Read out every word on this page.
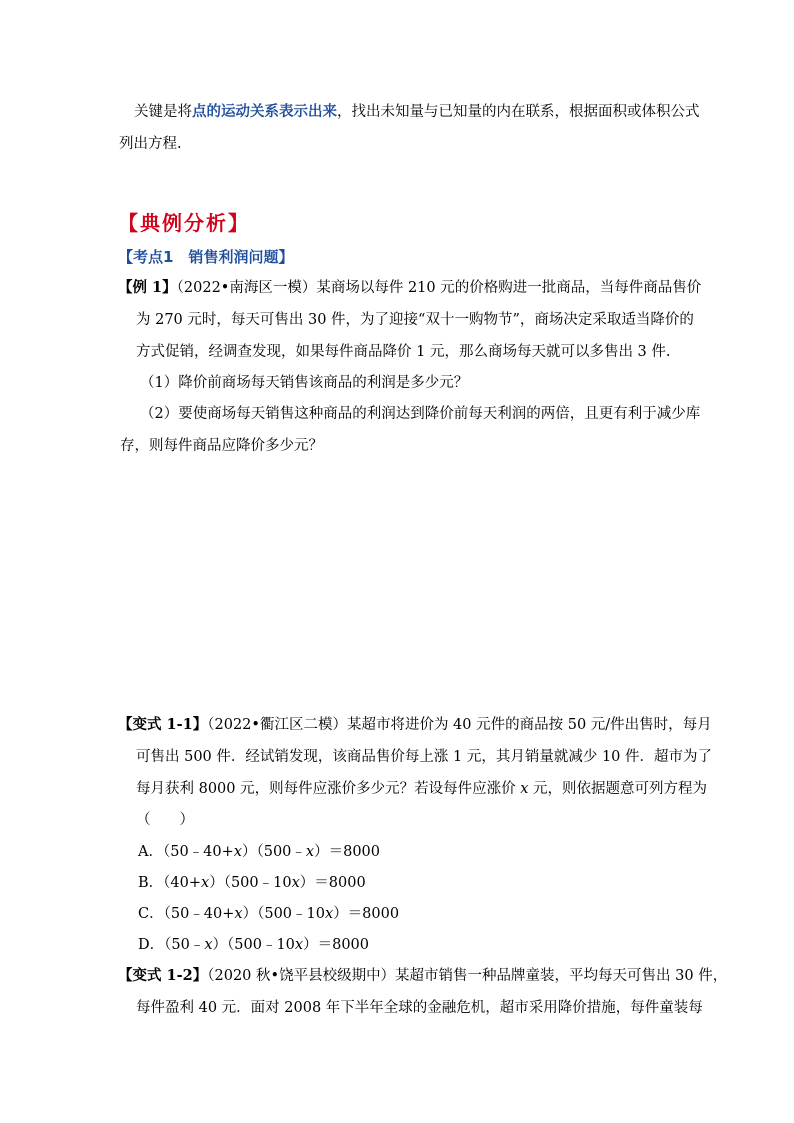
关键是将点的运动关系表示出来，找出未知量与已知量的内在联系，根据面积或体积公式
列出方程.
【典例分析】
【考点1　销售利润问题】
【例 1】（2022•南海区一模）某商场以每件 210 元的价格购进一批商品，当每件商品售价
为 270 元时，每天可售出 30 件，为了迎接“双十一购物节”，商场决定采取适当降价的
方式促销，经调查发现，如果每件商品降价 1 元，那么商场每天就可以多售出 3 件.
（1）降价前商场每天销售该商品的利润是多少元？
（2）要使商场每天销售这种商品的利润达到降价前每天利润的两倍，且更有利于减少库
存，则每件商品应降价多少元？
【变式 1-1】（2022•衢江区二模）某超市将进价为 40 元件的商品按 50 元/件出售时，每月
可售出 500 件．经试销发现，该商品售价每上涨 1 元，其月销量就减少 10 件．超市为了
每月获利 8000 元，则每件应涨价多少元？若设每件应涨价 x 元，则依据题意可列方程为
（　　）
A．（50﹣40+x）（500﹣x）＝8000
B．（40+x）（500﹣10x）＝8000
C．（50﹣40+x）（500﹣10x）＝8000
D．（50﹣x）（500﹣10x）＝8000
【变式 1-2】（2020 秋•饶平县校级期中）某超市销售一种品牌童装，平均每天可售出 30 件，
每件盈利 40 元．面对 2008 年下半年全球的金融危机，超市采用降价措施，每件童装每
